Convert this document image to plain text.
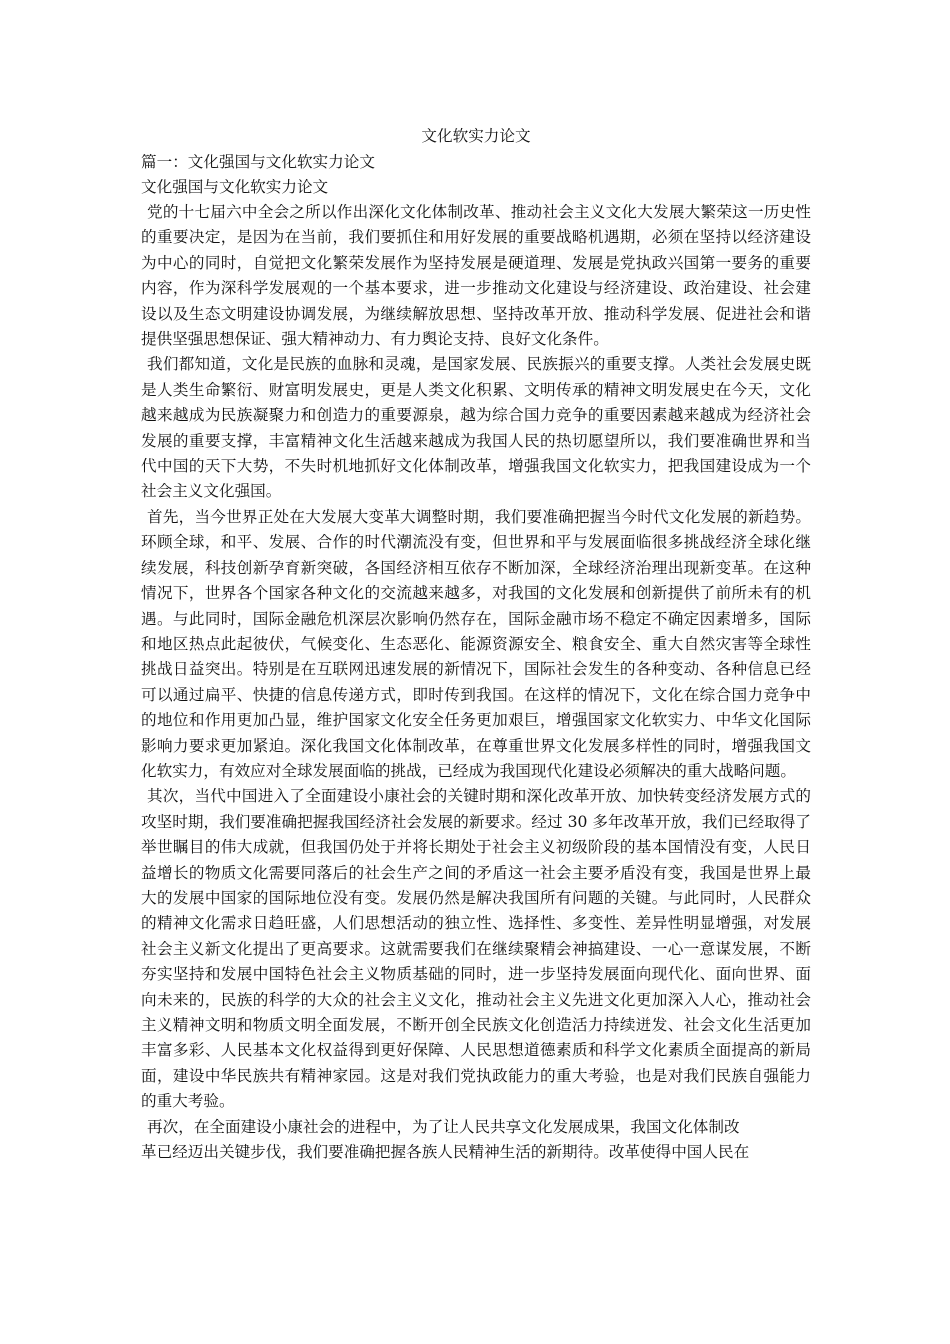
文化软实力论文
篇一：文化强国与文化软实力论文
文化强国与文化软实力论文

党的十七届六中全会之所以作出深化文化体制改革、推动社会主义文化大发展大繁荣这一历史性的重要决定，是因为在当前，我们要抓住和用好发展的重要战略机遇期，必须在坚持以经济建设为中心的同时，自觉把文化繁荣发展作为坚持发展是硬道理、发展是党执政兴国第一要务的重要内容，作为深科学发展观的一个基本要求，进一步推动文化建设与经济建设、政治建设、社会建设以及生态文明建设协调发展，为继续解放思想、坚持改革开放、推动科学发展、促进社会和谐提供坚强思想保证、强大精神动力、有力舆论支持、良好文化条件。

我们都知道，文化是民族的血脉和灵魂，是国家发展、民族振兴的重要支撑。人类社会发展史既是人类生命繁衍、财富明发展史，更是人类文化积累、文明传承的精神文明发展史在今天，文化越来越成为民族凝聚力和创造力的重要源泉，越为综合国力竞争的重要因素越来越成为经济社会发展的重要支撑，丰富精神文化生活越来越成为我国人民的热切愿望所以，我们要准确世界和当代中国的天下大势，不失时机地抓好文化体制改革，增强我国文化软实力，把我国建设成为一个社会主义文化强国。

首先，当今世界正处在大发展大变革大调整时期，我们要准确把握当今时代文化发展的新趋势。环顾全球，和平、发展、合作的时代潮流没有变，但世界和平与发展面临很多挑战经济全球化继续发展，科技创新孕育新突破，各国经济相互依存不断加深，全球经济治理出现新变革。在这种情况下，世界各个国家各种文化的交流越来越多，对我国的文化发展和创新提供了前所未有的机遇。与此同时，国际金融危机深层次影响仍然存在，国际金融市场不稳定不确定因素增多，国际和地区热点此起彼伏，气候变化、生态恶化、能源资源安全、粮食安全、重大自然灾害等全球性挑战日益突出。特别是在互联网迅速发展的新情况下，国际社会发生的各种变动、各种信息已经可以通过扁平、快捷的信息传递方式，即时传到我国。在这样的情况下，文化在综合国力竞争中的地位和作用更加凸显，维护国家文化安全任务更加艰巨，增强国家文化软实力、中华文化国际影响力要求更加紧迫。深化我国文化体制改革，在尊重世界文化发展多样性的同时，增强我国文化软实力，有效应对全球发展面临的挑战，已经成为我国现代化建设必须解决的重大战略问题。

其次，当代中国进入了全面建设小康社会的关键时期和深化改革开放、加快转变经济发展方式的攻坚时期，我们要准确把握我国经济社会发展的新要求。经过 30 多年改革开放，我们已经取得了举世瞩目的伟大成就，但我国仍处于并将长期处于社会主义初级阶段的基本国情没有变，人民日益增长的物质文化需要同落后的社会生产之间的矛盾这一社会主要矛盾没有变，我国是世界上最大的发展中国家的国际地位没有变。发展仍然是解决我国所有问题的关键。与此同时，人民群众的精神文化需求日趋旺盛，人们思想活动的独立性、选择性、多变性、差异性明显增强，对发展社会主义新文化提出了更高要求。这就需要我们在继续聚精会神搞建设、一心一意谋发展，不断夯实坚持和发展中国特色社会主义物质基础的同时，进一步坚持发展面向现代化、面向世界、面向未来的，民族的科学的大众的社会主义文化，推动社会主义先进文化更加深入人心，推动社会主义精神文明和物质文明全面发展，不断开创全民族文化创造活力持续迸发、社会文化生活更加丰富多彩、人民基本文化权益得到更好保障、人民思想道德素质和科学文化素质全面提高的新局面，建设中华民族共有精神家园。这是对我们党执政能力的重大考验，也是对我们民族自强能力的重大考验。

再次，在全面建设小康社会的进程中，为了让人民共享文化发展成果，我国文化体制改

革已经迈出关键步伐，我们要准确把握各族人民精神生活的新期待。改革使得中国人民在
